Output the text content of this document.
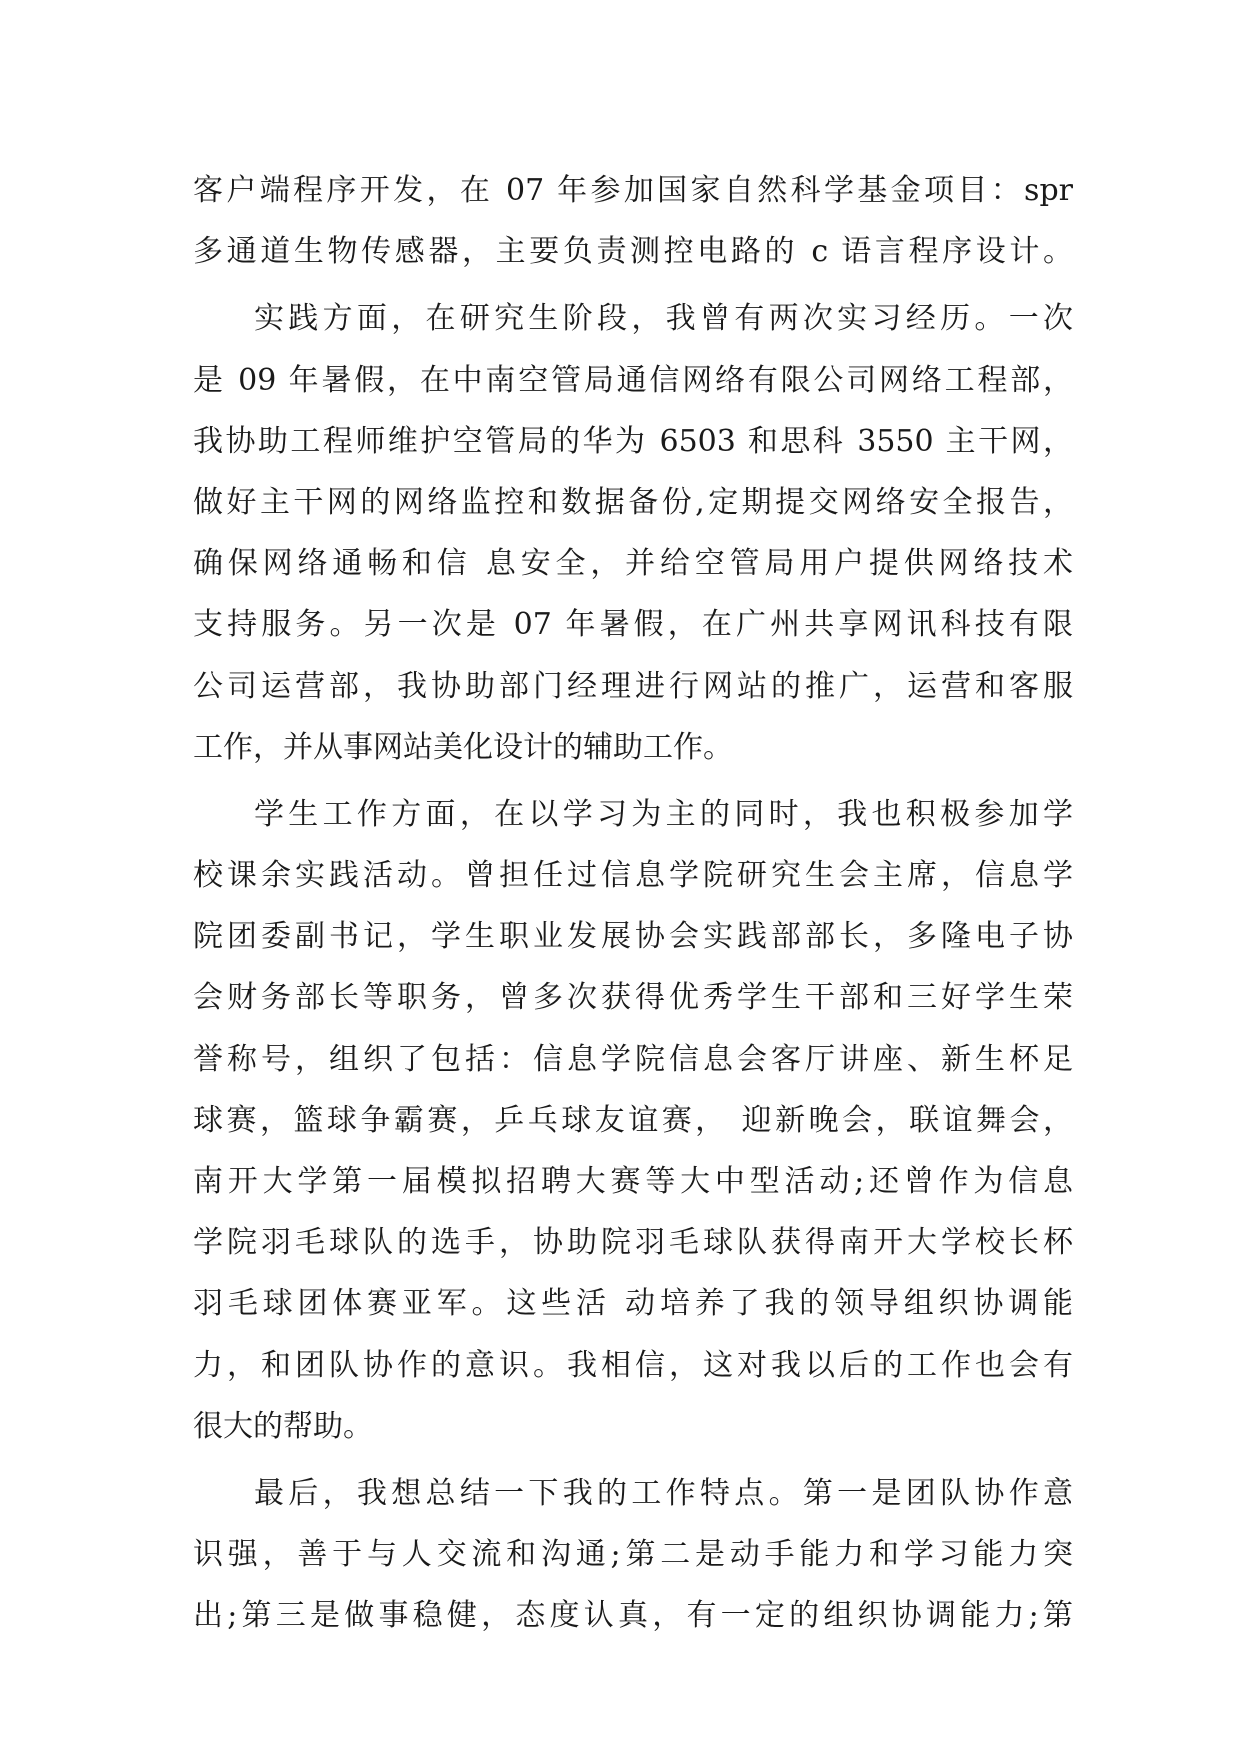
客户端程序开发，在 07 年参加国家自然科学基金项目：spr
多通道生物传感器，主要负责测控电路的 c 语言程序设计。
实践方面，在研究生阶段，我曾有两次实习经历。一次
是 09 年暑假，在中南空管局通信网络有限公司网络工程部，
我协助工程师维护空管局的华为 6503 和思科 3550 主干网，
做好主干网的网络监控和数据备份,定期提交网络安全报告，
确保网络通畅和信 息安全，并给空管局用户提供网络技术
支持服务。另一次是 07 年暑假，在广州共享网讯科技有限
公司运营部，我协助部门经理进行网站的推广，运营和客服
工作，并从事网站美化设计的辅助工作。
学生工作方面，在以学习为主的同时，我也积极参加学
校课余实践活动。曾担任过信息学院研究生会主席，信息学
院团委副书记，学生职业发展协会实践部部长，多隆电子协
会财务部长等职务，曾多次获得优秀学生干部和三好学生荣
誉称号，组织了包括：信息学院信息会客厅讲座、新生杯足
球赛，篮球争霸赛，乒乓球友谊赛， 迎新晚会，联谊舞会，
南开大学第一届模拟招聘大赛等大中型活动;还曾作为信息
学院羽毛球队的选手，协助院羽毛球队获得南开大学校长杯
羽毛球团体赛亚军。这些活 动培养了我的领导组织协调能
力，和团队协作的意识。我相信，这对我以后的工作也会有
很大的帮助。
最后，我想总结一下我的工作特点。第一是团队协作意
识强，善于与人交流和沟通;第二是动手能力和学习能力突
出;第三是做事稳健，态度认真，有一定的组织协调能力;第
